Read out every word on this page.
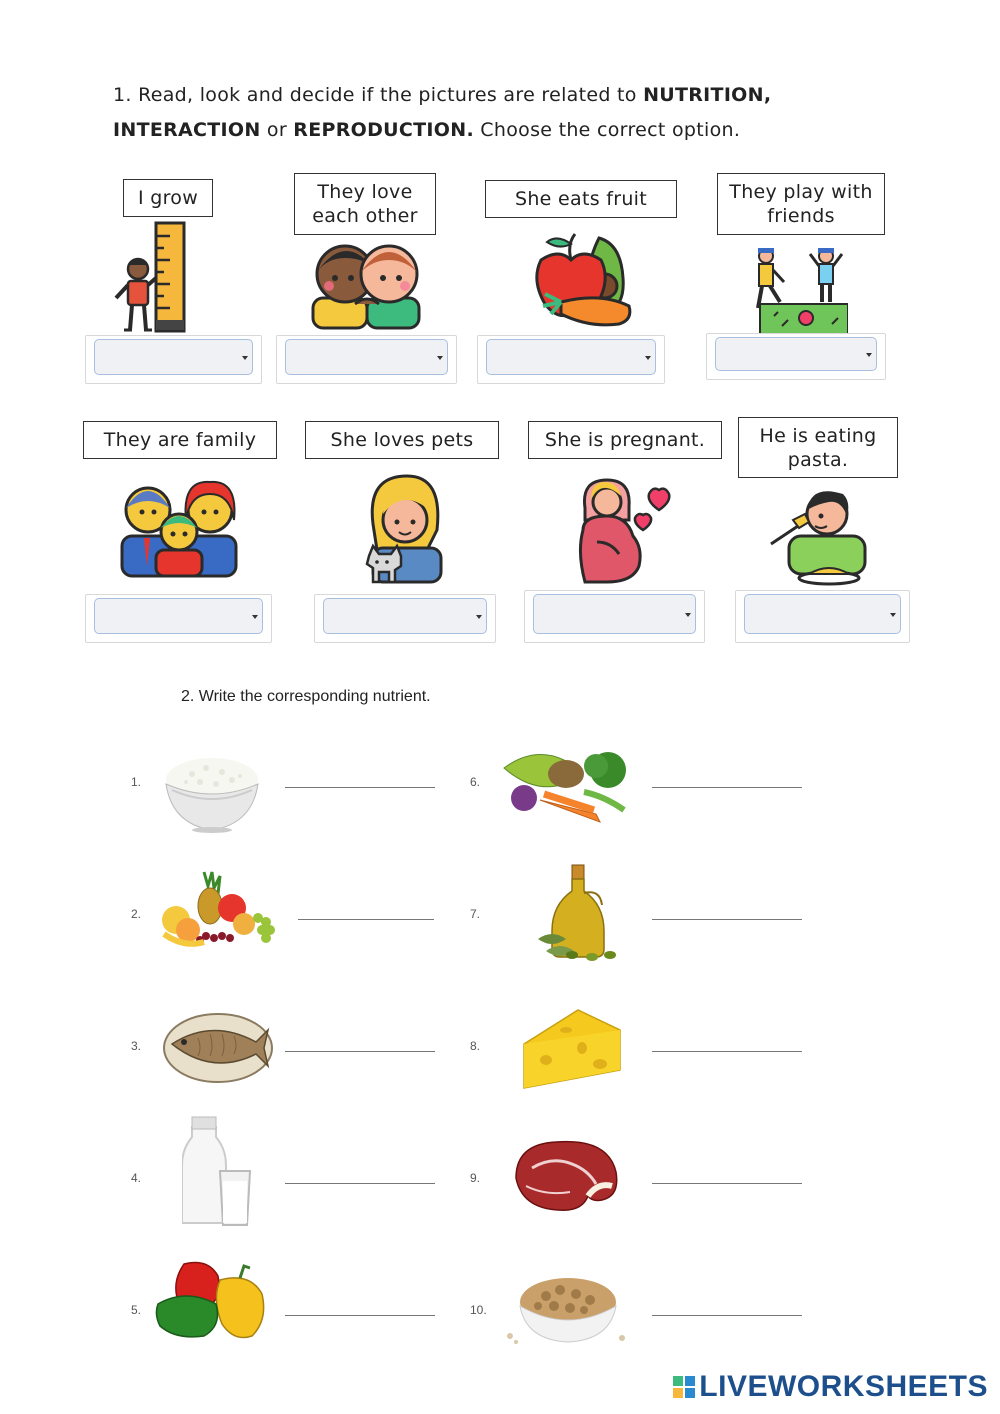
1. Read, look and decide if the pictures are related to NUTRITION,
INTERACTION or REPRODUCTION. Choose the correct option.
I grow	They love each other
She eats fruit	They play with friends
They are family	She loves pets	She is pregnant.	He is eating pasta.
2. Write the corresponding nutrient.
1.
2.
3.
4.
5.
6.
7.
8.
9.
10.
LIVEWORKSHEETS
